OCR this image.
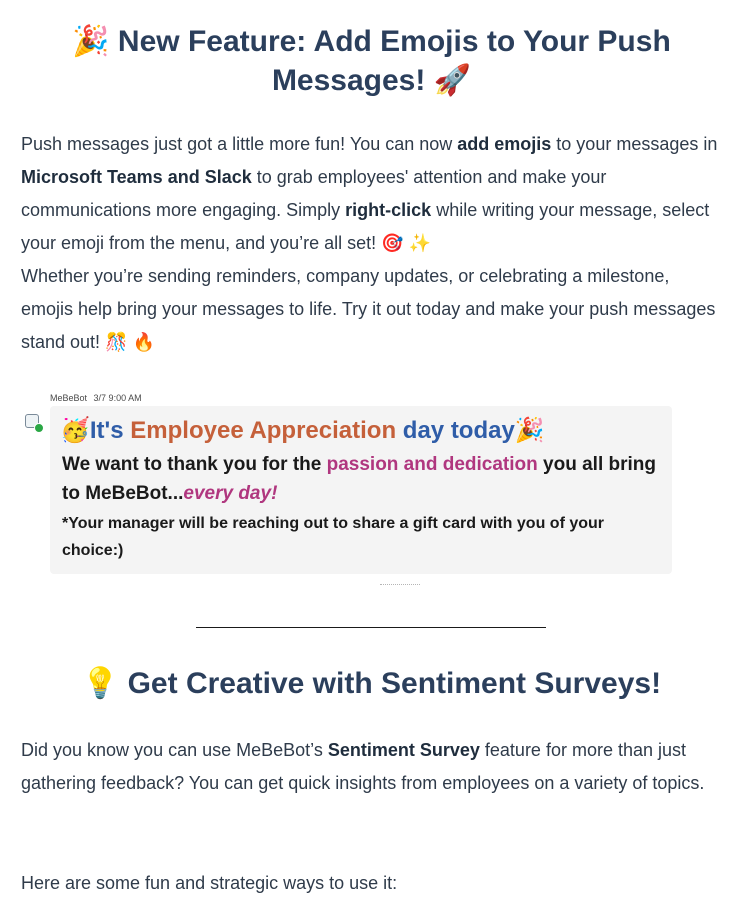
🎉 New Feature: Add Emojis to Your Push
Messages! 🚀

Push messages just got a little more fun! You can now add emojis to your messages in Microsoft Teams and Slack to grab employees' attention and make your communications more engaging. Simply right-click while writing your message, select your emoji from the menu, and you’re all set! 🎯 ✨
Whether you’re sending reminders, company updates, or celebrating a milestone, emojis help bring your messages to life. Try it out today and make your push messages stand out! 🎊 🔥

MeBeBot 3/7 9:00 AM
🥳It's Employee Appreciation day today🎉
We want to thank you for the passion and dedication you all bring to MeBeBot...every day!
*Your manager will be reaching out to share a gift card with you of your choice:)
💡 Get Creative with Sentiment Surveys!

Did you know you can use MeBeBot’s Sentiment Survey feature for more than just gathering feedback? You can get quick insights from employees on a variety of topics.

Here are some fun and strategic ways to use it:
